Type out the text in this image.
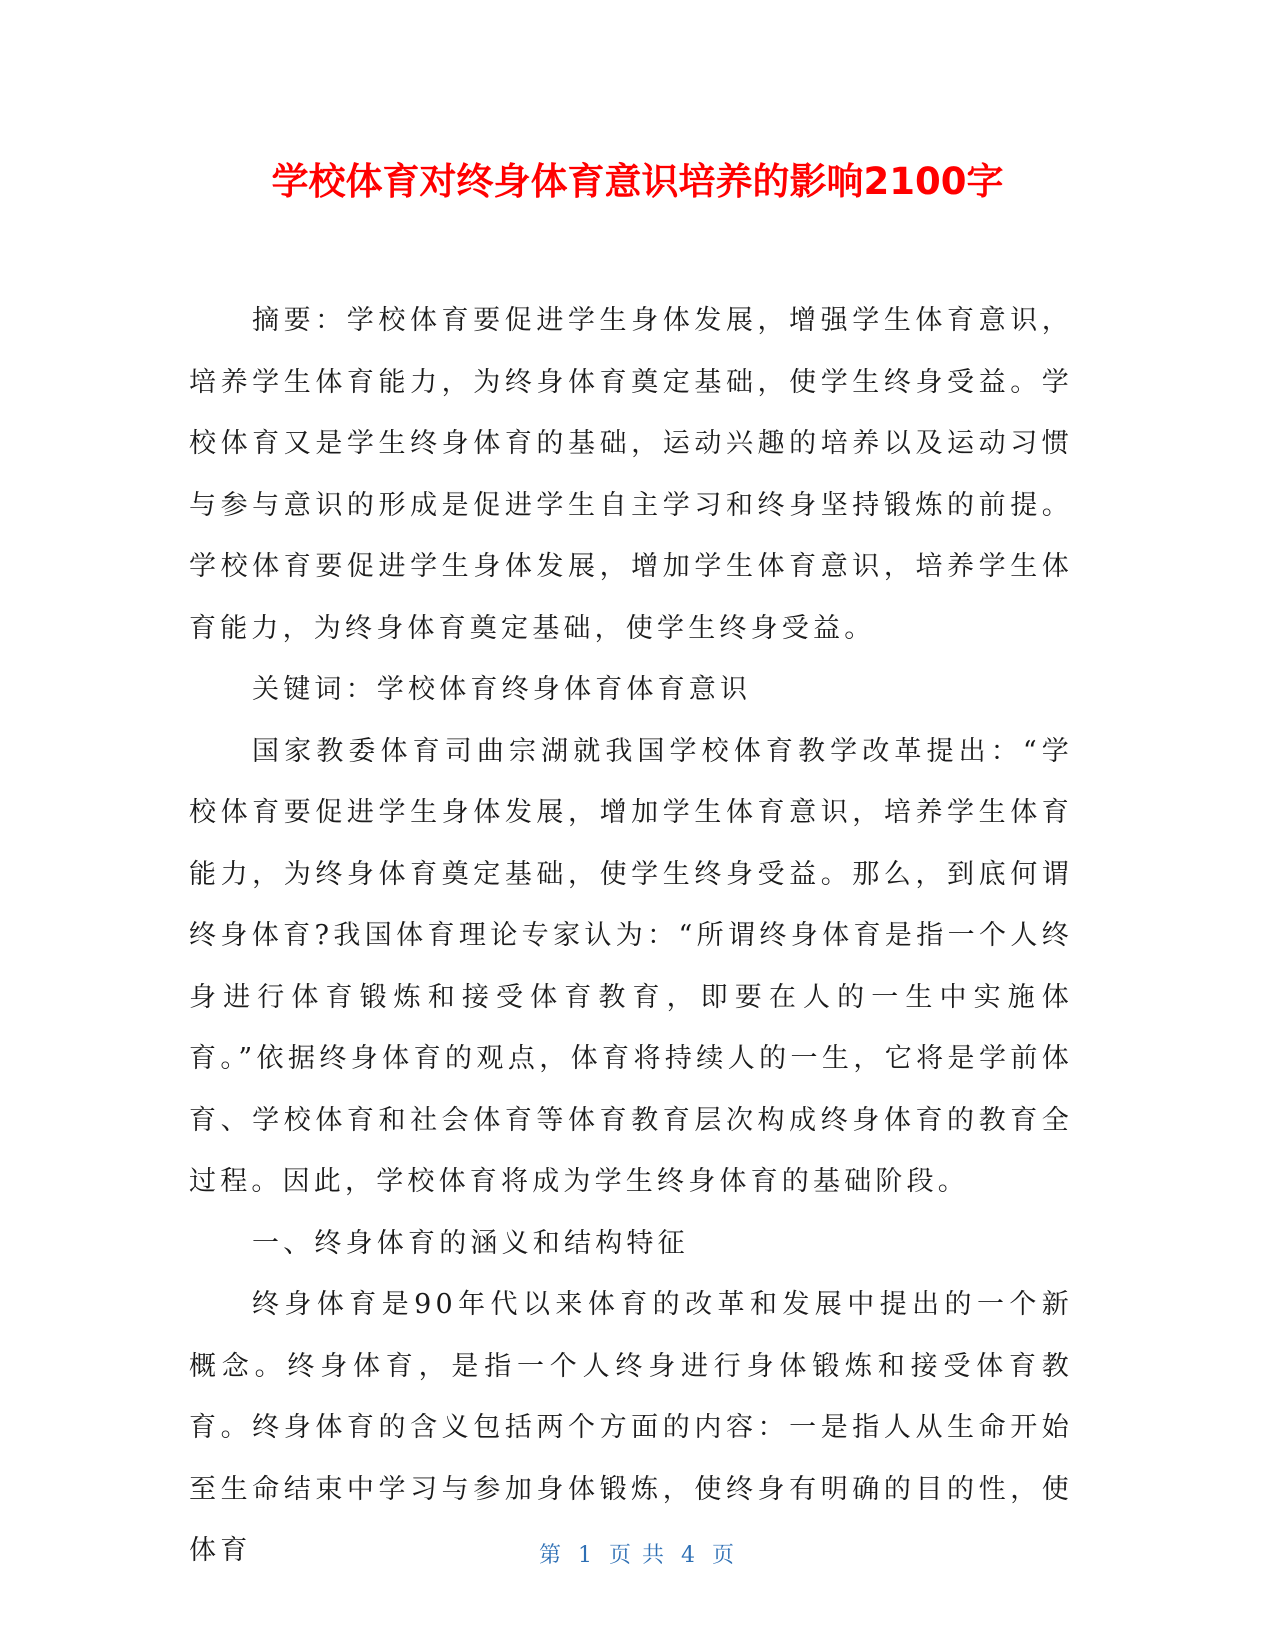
学校体育对终身体育意识培养的影响2100字

摘要：学校体育要促进学生身体发展，增强学生体育意识，培养学生体育能力，为终身体育奠定基础，使学生终身受益。学校体育又是学生终身体育的基础，运动兴趣的培养以及运动习惯与参与意识的形成是促进学生自主学习和终身坚持锻炼的前提。学校体育要促进学生身体发展，增加学生体育意识，培养学生体育能力，为终身体育奠定基础，使学生终身受益。

关键词：学校体育终身体育体育意识

国家教委体育司曲宗湖就我国学校体育教学改革提出：“学校体育要促进学生身体发展，增加学生体育意识，培养学生体育能力，为终身体育奠定基础，使学生终身受益。那么，到底何谓终身体育?我国体育理论专家认为：“所谓终身体育是指一个人终身进行体育锻炼和接受体育教育，即要在人的一生中实施体育。”依据终身体育的观点，体育将持续人的一生，它将是学前体育、学校体育和社会体育等体育教育层次构成终身体育的教育全过程。因此，学校体育将成为学生终身体育的基础阶段。

一、终身体育的涵义和结构特征

终身体育是90年代以来体育的改革和发展中提出的一个新概念。终身体育，是指一个人终身进行身体锻炼和接受体育教育。终身体育的含义包括两个方面的内容：一是指人从生命开始至生命结束中学习与参加身体锻炼，使终身有明确的目的性，使体育	第 1 页 共 4 页
